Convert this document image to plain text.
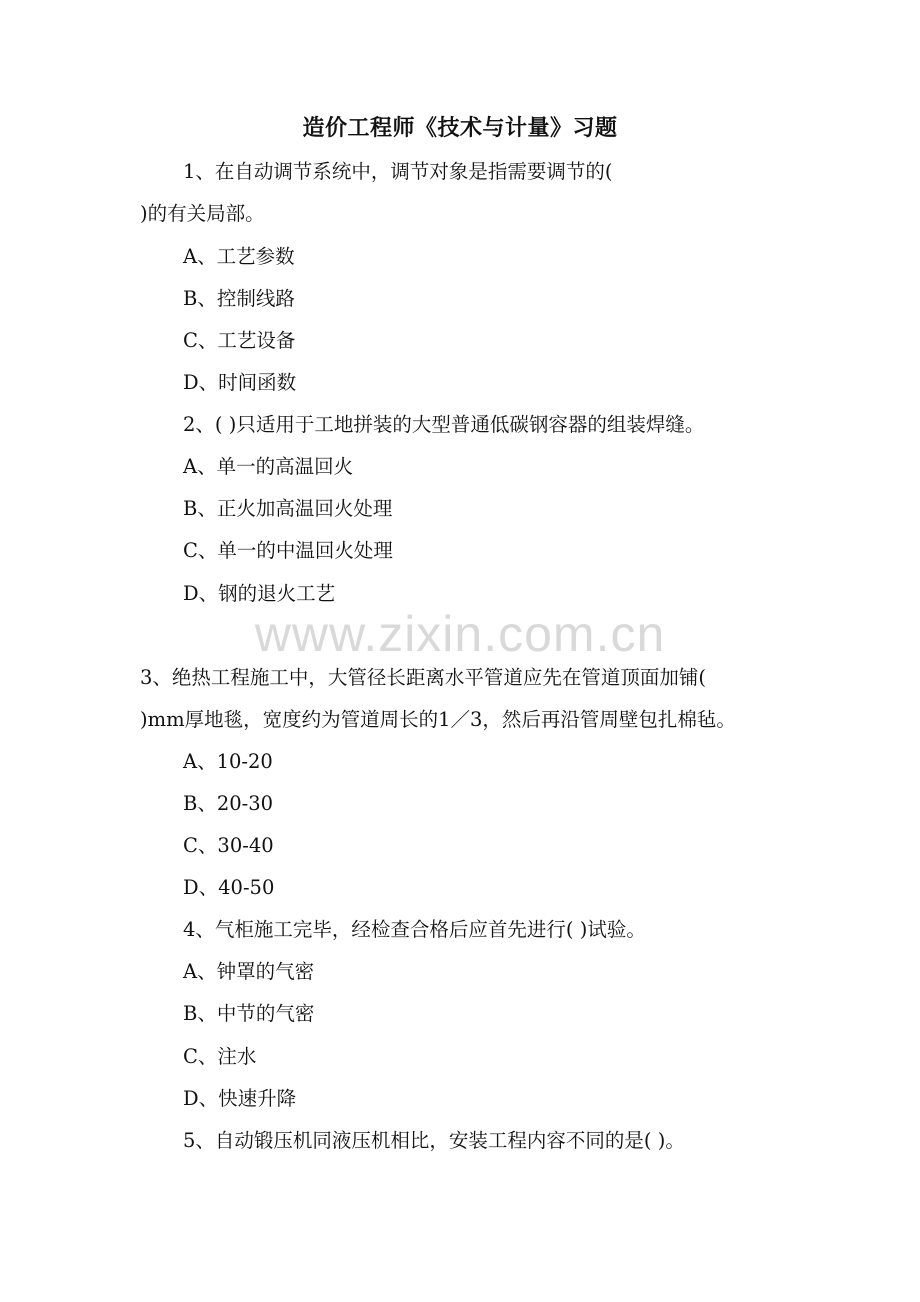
造价工程师《技术与计量》习题
1、在自动调节系统中，调节对象是指需要调节的(
)的有关局部。
A、工艺参数
B、控制线路
C、工艺设备
D、时间函数
2、( )只适用于工地拼装的大型普通低碳钢容器的组装焊缝。
A、单一的高温回火
B、正火加高温回火处理
C、单一的中温回火处理
D、钢的退火工艺
www.zixin.com.cn
3、绝热工程施工中，大管径长距离水平管道应先在管道顶面加铺(
)mm厚地毯，宽度约为管道周长的1／3，然后再沿管周壁包扎棉毡。
A、10-20
B、20-30
C、30-40
D、40-50
4、气柜施工完毕，经检查合格后应首先进行( )试验。
A、钟罩的气密
B、中节的气密
C、注水
D、快速升降
5、自动锻压机同液压机相比，安装工程内容不同的是( )。
